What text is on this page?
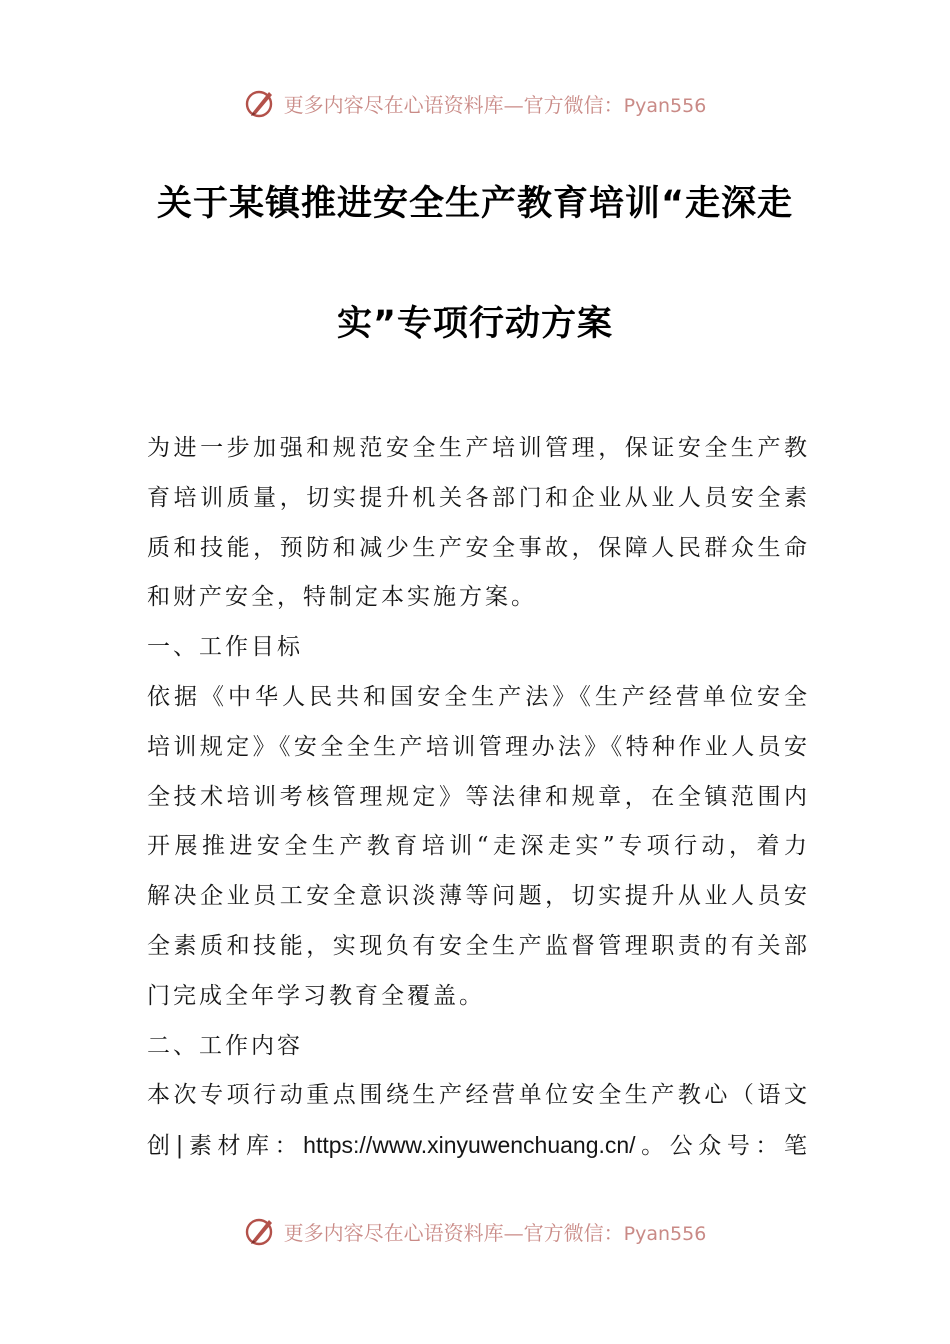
更多内容尽在心语资料库—官方微信：Pyan556
关于某镇推进安全生产教育培训“走深走
实”专项行动方案
为进一步加强和规范安全生产培训管理，保证安全生产教
育培训质量，切实提升机关各部门和企业从业人员安全素
质和技能，预防和减少生产安全事故，保障人民群众生命
和财产安全，特制定本实施方案。
一、工作目标
依据《中华人民共和国安全生产法》《生产经营单位安全
培训规定》《安全全生产培训管理办法》《特种作业人员安
全技术培训考核管理规定》等法律和规章，在全镇范围内
开展推进安全生产教育培训“走深走实”专项行动，着力
解决企业员工安全意识淡薄等问题，切实提升从业人员安
全素质和技能，实现负有安全生产监督管理职责的有关部
门完成全年学习教育全覆盖。
二、工作内容
本次专项行动重点围绕生产经营单位安全生产教心（语文
创|素材库：https://www.xinyuwenchuang.cn/。公众号：笔
更多内容尽在心语资料库—官方微信：Pyan556
